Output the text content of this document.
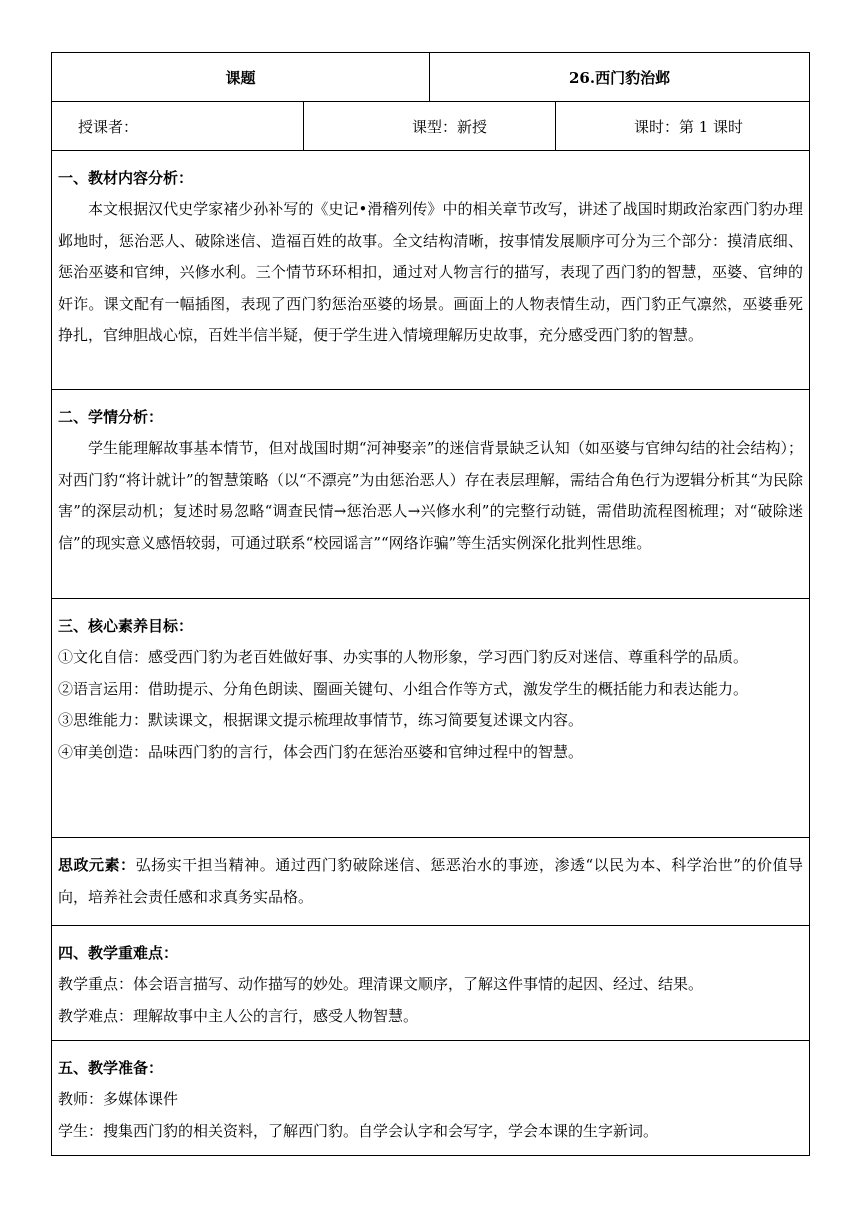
课题		26.西门豹治邺	
授课者：	课型：新授		课时：第 1 课时

一、教材内容分析：

本文根据汉代史学家褚少孙补写的《史记•滑稽列传》中的相关章节改写，讲述了战国时期政治家西门豹办理邺地时，惩治恶人、破除迷信、造福百姓的故事。全文结构清晰，按事情发展顺序可分为三个部分：摸清底细、惩治巫婆和官绅，兴修水利。三个情节环环相扣，通过对人物言行的描写，表现了西门豹的智慧，巫婆、官绅的奸诈。课文配有一幅插图，表现了西门豹惩治巫婆的场景。画面上的人物表情生动，西门豹正气凛然，巫婆垂死挣扎，官绅胆战心惊，百姓半信半疑，便于学生进入情境理解历史故事，充分感受西门豹的智慧。			

二、学情分析：

学生能理解故事基本情节，但对战国时期“河神娶亲”的迷信背景缺乏认知（如巫婆与官绅勾结的社会结构）；对西门豹“将计就计”的智慧策略（以“不漂亮”为由惩治恶人）存在表层理解，需结合角色行为逻辑分析其“为民除害”的深层动机；复述时易忽略“调查民情→惩治恶人→兴修水利”的完整行动链，需借助流程图梳理；对“破除迷信”的现实意义感悟较弱，可通过联系“校园谣言”“网络诈骗”等生活实例深化批判性思维。			

三、核心素养目标：

①文化自信：感受西门豹为老百姓做好事、办实事的人物形象，学习西门豹反对迷信、尊重科学的品质。

②语言运用：借助提示、分角色朗读、圈画关键句、小组合作等方式，激发学生的概括能力和表达能力。

③思维能力：默读课文，根据课文提示梳理故事情节，练习简要复述课文内容。

④审美创造：品味西门豹的言行，体会西门豹在惩治巫婆和官绅过程中的智慧。			

思政元素：弘扬实干担当精神。通过西门豹破除迷信、惩恶治水的事迹，渗透“以民为本、科学治世”的价值导向，培养社会责任感和求真务实品格。			

四、教学重难点：

教学重点：体会语言描写、动作描写的妙处。理清课文顺序，了解这件事情的起因、经过、结果。

教学难点：理解故事中主人公的言行，感受人物智慧。			

五、教学准备：

教师：多媒体课件

学生：搜集西门豹的相关资料，了解西门豹。自学会认字和会写字，学会本课的生字新词。			
